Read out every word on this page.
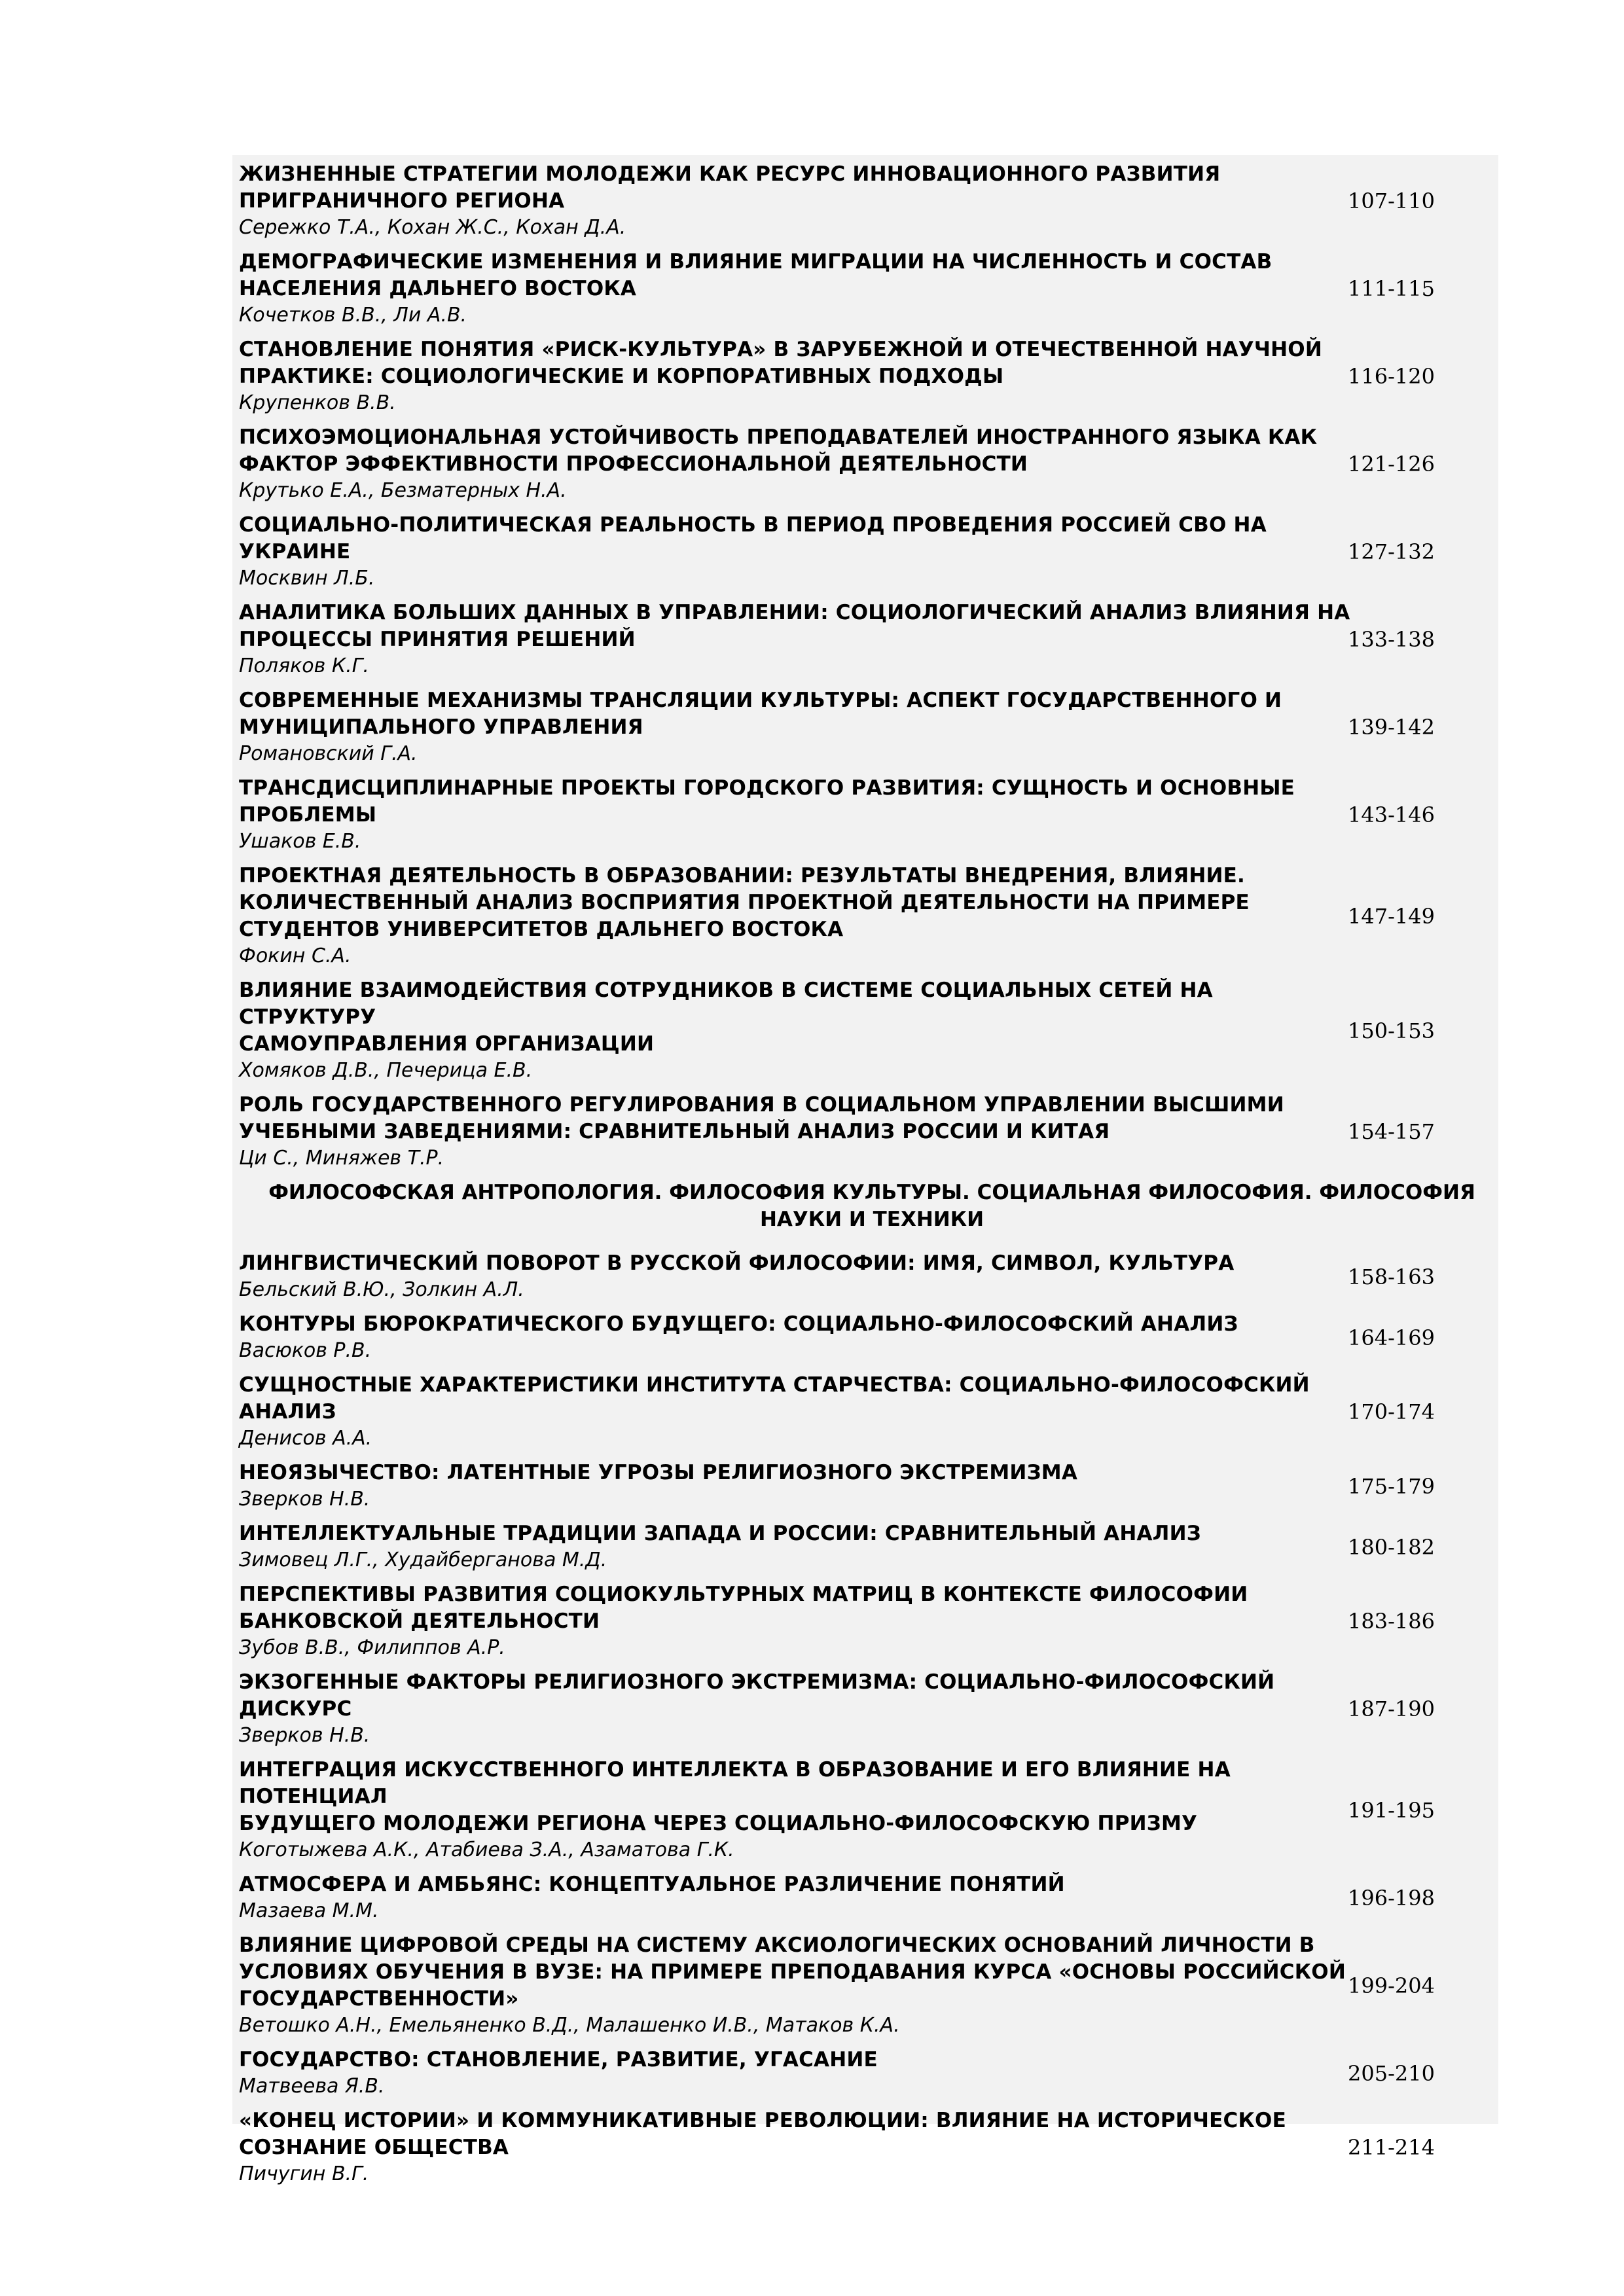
ЖИЗНЕННЫЕ СТРАТЕГИИ МОЛОДЕЖИ КАК РЕСУРС ИННОВАЦИОННОГО РАЗВИТИЯ
ПРИГРАНИЧНОГО РЕГИОНА
Сережко Т.А., Кохан Ж.С., Кохан Д.А.
107-110
ДЕМОГРАФИЧЕСКИЕ ИЗМЕНЕНИЯ И ВЛИЯНИЕ МИГРАЦИИ НА ЧИСЛЕННОСТЬ И СОСТАВ
НАСЕЛЕНИЯ ДАЛЬНЕГО ВОСТОКА
Кочетков В.В., Ли А.В.
111-115
СТАНОВЛЕНИЕ ПОНЯТИЯ «РИСК-КУЛЬТУРА» В ЗАРУБЕЖНОЙ И ОТЕЧЕСТВЕННОЙ НАУЧНОЙ
ПРАКТИКЕ: СОЦИОЛОГИЧЕСКИЕ И КОРПОРАТИВНЫХ ПОДХОДЫ
Крупенков В.В.
116-120
ПСИХОЭМОЦИОНАЛЬНАЯ УСТОЙЧИВОСТЬ ПРЕПОДАВАТЕЛЕЙ ИНОСТРАННОГО ЯЗЫКА КАК
ФАКТОР ЭФФЕКТИВНОСТИ ПРОФЕССИОНАЛЬНОЙ ДЕЯТЕЛЬНОСТИ
Крутько Е.А., Безматерных Н.А.
121-126
СОЦИАЛЬНО-ПОЛИТИЧЕСКАЯ РЕАЛЬНОСТЬ В ПЕРИОД ПРОВЕДЕНИЯ РОССИЕЙ СВО НА УКРАИНЕ
Москвин Л.Б.
127-132
АНАЛИТИКА БОЛЬШИХ ДАННЫХ В УПРАВЛЕНИИ: СОЦИОЛОГИЧЕСКИЙ АНАЛИЗ ВЛИЯНИЯ НА
ПРОЦЕССЫ ПРИНЯТИЯ РЕШЕНИЙ
Поляков К.Г.
133-138
СОВРЕМЕННЫЕ МЕХАНИЗМЫ ТРАНСЛЯЦИИ КУЛЬТУРЫ: АСПЕКТ ГОСУДАРСТВЕННОГО И
МУНИЦИПАЛЬНОГО УПРАВЛЕНИЯ
Романовский Г.А.
139-142
ТРАНСДИСЦИПЛИНАРНЫЕ ПРОЕКТЫ ГОРОДСКОГО РАЗВИТИЯ: СУЩНОСТЬ И ОСНОВНЫЕ
ПРОБЛЕМЫ
Ушаков Е.В.
143-146
ПРОЕКТНАЯ ДЕЯТЕЛЬНОСТЬ В ОБРАЗОВАНИИ: РЕЗУЛЬТАТЫ ВНЕДРЕНИЯ, ВЛИЯНИЕ.
КОЛИЧЕСТВЕННЫЙ АНАЛИЗ ВОСПРИЯТИЯ ПРОЕКТНОЙ ДЕЯТЕЛЬНОСТИ НА ПРИМЕРЕ
СТУДЕНТОВ УНИВЕРСИТЕТОВ ДАЛЬНЕГО ВОСТОКА
Фокин С.А.
147-149
ВЛИЯНИЕ ВЗАИМОДЕЙСТВИЯ СОТРУДНИКОВ В СИСТЕМЕ СОЦИАЛЬНЫХ СЕТЕЙ НА СТРУКТУРУ
САМОУПРАВЛЕНИЯ ОРГАНИЗАЦИИ
Хомяков Д.В., Печерица Е.В.
150-153
РОЛЬ ГОСУДАРСТВЕННОГО РЕГУЛИРОВАНИЯ В СОЦИАЛЬНОМ УПРАВЛЕНИИ ВЫСШИМИ
УЧЕБНЫМИ ЗАВЕДЕНИЯМИ: СРАВНИТЕЛЬНЫЙ АНАЛИЗ РОССИИ И КИТАЯ
Ци С., Миняжев Т.Р.
154-157
ФИЛОСОФСКАЯ АНТРОПОЛОГИЯ. ФИЛОСОФИЯ КУЛЬТУРЫ. СОЦИАЛЬНАЯ ФИЛОСОФИЯ. ФИЛОСОФИЯ
НАУКИ И ТЕХНИКИ
ЛИНГВИСТИЧЕСКИЙ ПОВОРОТ В РУССКОЙ ФИЛОСОФИИ: ИМЯ, СИМВОЛ, КУЛЬТУРА
Бельский В.Ю., Золкин А.Л.
158-163
КОНТУРЫ БЮРОКРАТИЧЕСКОГО БУДУЩЕГО: СОЦИАЛЬНО-ФИЛОСОФСКИЙ АНАЛИЗ
Васюков Р.В.
164-169
СУЩНОСТНЫЕ ХАРАКТЕРИСТИКИ ИНСТИТУТА СТАРЧЕСТВА: СОЦИАЛЬНО-ФИЛОСОФСКИЙ
АНАЛИЗ
Денисов А.А.
170-174
НЕОЯЗЫЧЕСТВО: ЛАТЕНТНЫЕ УГРОЗЫ РЕЛИГИОЗНОГО ЭКСТРЕМИЗМА
Зверков Н.В.
175-179
ИНТЕЛЛЕКТУАЛЬНЫЕ ТРАДИЦИИ ЗАПАДА И РОССИИ: СРАВНИТЕЛЬНЫЙ АНАЛИЗ
Зимовец Л.Г., Худайберганова М.Д.
180-182
ПЕРСПЕКТИВЫ РАЗВИТИЯ СОЦИОКУЛЬТУРНЫХ МАТРИЦ В КОНТЕКСТЕ ФИЛОСОФИИ
БАНКОВСКОЙ ДЕЯТЕЛЬНОСТИ
Зубов В.В., Филиппов А.Р.
183-186
ЭКЗОГЕННЫЕ ФАКТОРЫ РЕЛИГИОЗНОГО ЭКСТРЕМИЗМА: СОЦИАЛЬНО-ФИЛОСОФСКИЙ ДИСКУРС
Зверков Н.В.
187-190
ИНТЕГРАЦИЯ ИСКУССТВЕННОГО ИНТЕЛЛЕКТА В ОБРАЗОВАНИЕ И ЕГО ВЛИЯНИЕ НА ПОТЕНЦИАЛ
БУДУЩЕГО МОЛОДЕЖИ РЕГИОНА ЧЕРЕЗ СОЦИАЛЬНО-ФИЛОСОФСКУЮ ПРИЗМУ
Коготыжева А.К., Атабиева З.А., Азаматова Г.К.
191-195
АТМОСФЕРА И АМБЬЯНС: КОНЦЕПТУАЛЬНОЕ РАЗЛИЧЕНИЕ ПОНЯТИЙ
Мазаева М.М.
196-198
ВЛИЯНИЕ ЦИФРОВОЙ СРЕДЫ НА СИСТЕМУ АКСИОЛОГИЧЕСКИХ ОСНОВАНИЙ ЛИЧНОСТИ В
УСЛОВИЯХ ОБУЧЕНИЯ В ВУЗЕ: НА ПРИМЕРЕ ПРЕПОДАВАНИЯ КУРСА «ОСНОВЫ РОССИЙСКОЙ
ГОСУДАРСТВЕННОСТИ»
Ветошко А.Н., Емельяненко В.Д., Малашенко И.В., Матаков К.А.
199-204
ГОСУДАРСТВО: СТАНОВЛЕНИЕ, РАЗВИТИЕ, УГАСАНИЕ
Матвеева Я.В.
205-210
«КОНЕЦ ИСТОРИИ» И КОММУНИКАТИВНЫЕ РЕВОЛЮЦИИ: ВЛИЯНИЕ НА ИСТОРИЧЕСКОЕ
СОЗНАНИЕ ОБЩЕСТВА
Пичугин В.Г.
211-214
